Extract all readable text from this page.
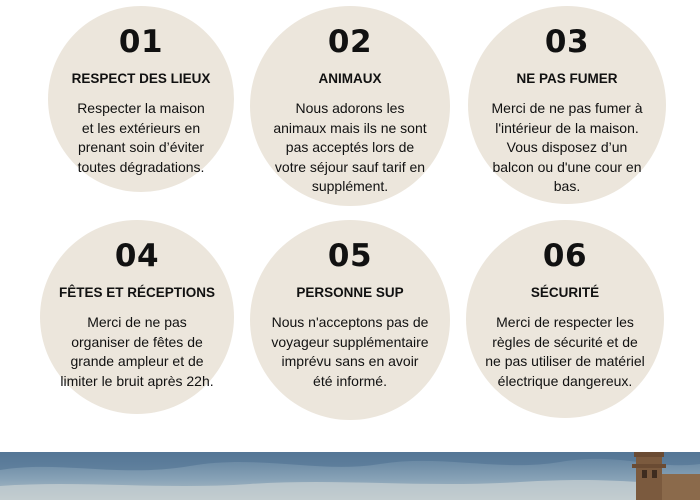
01
RESPECT DES LIEUX
Respecter la maison
et les extérieurs en
prenant soin d’éviter
toutes dégradations.
02
ANIMAUX
Nous adorons les
animaux mais ils ne sont
pas acceptés lors de
votre séjour sauf tarif en
supplément.
03
NE PAS FUMER
Merci de ne pas fumer à
l'intérieur de la maison.
Vous disposez d’un
balcon ou d'une cour en
bas.
04
FÊTES ET RÉCEPTIONS
Merci de ne pas
organiser de fêtes de
grande ampleur et de
limiter le bruit après 22h.
05
PERSONNE SUP
Nous n'acceptons pas de
voyageur supplémentaire
imprévu sans en avoir
été informé.
06
SÉCURITÉ
Merci de respecter les
règles de sécurité et de
ne pas utiliser de matériel
électrique dangereux.
